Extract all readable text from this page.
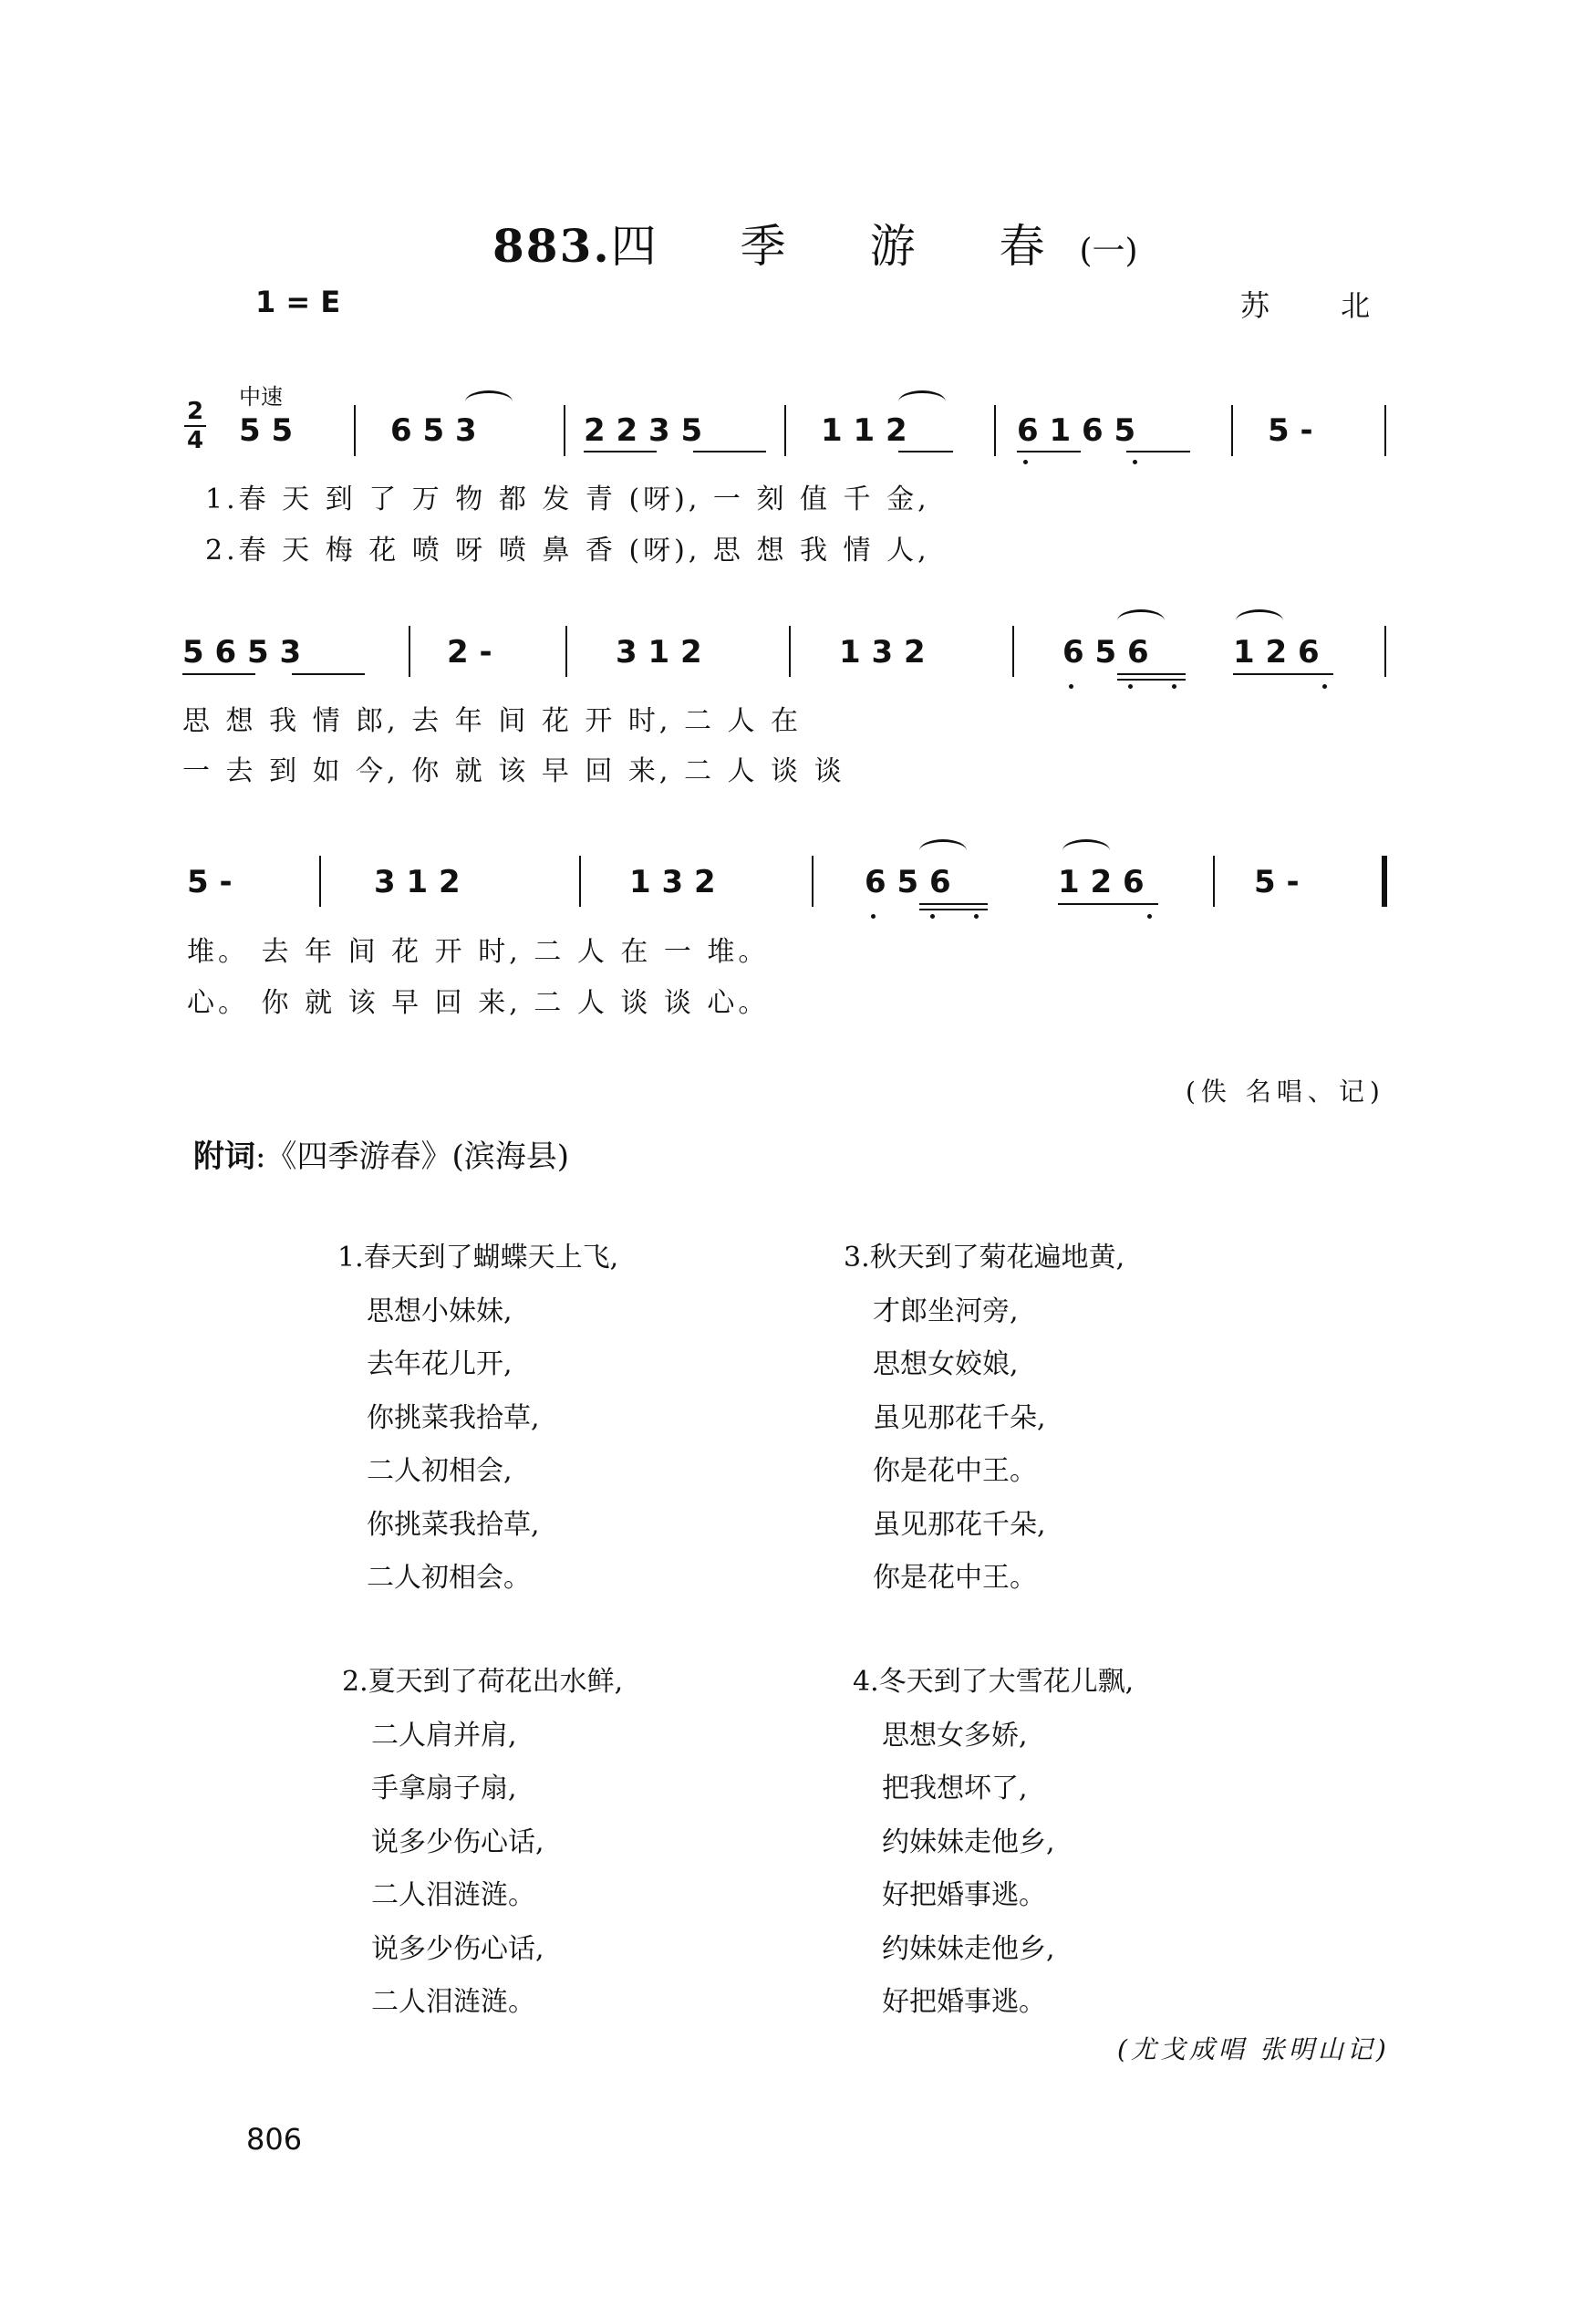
883.四 季 游 春(一)
1 = E	苏 北
中速
2
4 5 5	6 5 3	2 2 3 5	1 1 2	6 1 6 5	5 -
1.春 天 到 了 万 物 都 发 青 (呀), 一 刻 值 千 金,
2.春 天 梅 花 喷 呀 喷 鼻 香 (呀), 思 想 我 情 人,
5 6 5 3	2 -	3 1 2	1 3 2	6 5 6	1 2 6
思 想 我 情 郎, 去 年 间 花 开 时, 二 人 在
一 去 到 如 今, 你 就 该 早 回 来, 二 人 谈 谈
5 -	3 1 2	1 3 2	6 5 6	1 2 6	5 -
堆。 去 年 间 花 开 时, 二 人 在 一 堆。
心。 你 就 该 早 回 来, 二 人 谈 谈 心。
(佚 名唱、记)
附词:《四季游春》(滨海县)
1.春天到了蝴蝶天上飞,
思想小妹妹,
去年花儿开,
你挑菜我拾草,
二人初相会,
你挑菜我拾草,
二人初相会。
3.秋天到了菊花遍地黄,
才郎坐河旁,
思想女姣娘,
虽见那花千朵,
你是花中王。
虽见那花千朵,
你是花中王。
2.夏天到了荷花出水鲜,
二人肩并肩,
手拿扇子扇,
说多少伤心话,
二人泪涟涟。
说多少伤心话,
二人泪涟涟。
4.冬天到了大雪花儿飘,
思想女多娇,
把我想坏了,
约妹妹走他乡,
好把婚事逃。
约妹妹走他乡,
好把婚事逃。
(尤戈成唱 张明山记)
806
